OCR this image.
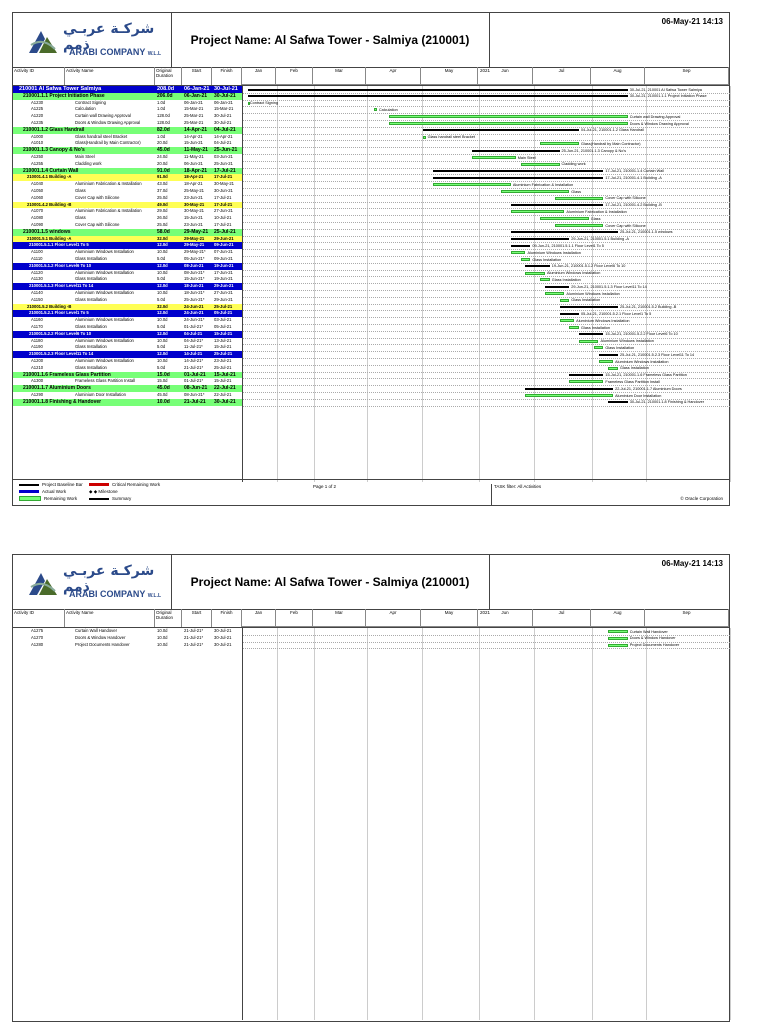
شركـة عربـي ذمم
ARABI COMPANY W.L.L
Project Name: Al Safwa Tower - Salmiya (210001)
06-May-21 14:13
Activity ID	Activity Name	Original Duration
Start	Finish	2021
Jan	Feb	Mar	Apr	May	Jun	Jul	Aug	Sep
30-Jul-21, 210001 Al Safwa Tower Salmiya
30-Jul-21, 210001.1.1 Project Initiation Phase
Contract Signing
Calculation
Curtain wall Drawing Approval
Doors & Window Drawing Approval
04-Jul-21, 210001.1.2 Glass Handrail
Glass handrail steel Bracket
Glass(Handrail by Main Contractor)
25-Jun-21, 210001.1.3 Canopy & No's
Main Steel
Cladding work
17-Jul-21, 210001.1.4 Curtain Wall
17-Jul-21, 210001.4.1 Building -A
Aluminium Fabrication & Installation
Glass
Cover Cap with Silicone
17-Jul-21, 210001.4.2 Building -B
Aluminium Fabrication & Installation
Glass
Cover Cap with Silicone
25-Jul-21, 210001.1.5 windows
29-Jun-21, 210001.5.1 Building -A
09-Jun-21, 210001.5.1.1 Floor Level1 To 5
Aluminium Windows Installation
Glass Installation
19-Jun-21, 210001.5.1.2 Floor Level6 To 10
Aluminium Windows Installation
Glass Installation
29-Jun-21, 210001.5.1.3 Floor Level11 To 14
Aluminium Windows Installation
Glass Installation
25-Jul-21, 210001.5.2 Building -B
05-Jul-21, 210001.5.2.1 Floor Level1 To 5
Aluminium Windows Installation
Glass Installation
15-Jul-21, 210001.5.2.2 Floor Level6 To 10
Aluminium Windows Installation
Glass Installation
25-Jul-21, 210001.5.2.3 Floor Level11 To 14
Aluminium Windows Installation
Glass Installation
15-Jul-21, 210001.1.6 Frameless Glass Partition
Frameless Glass Partition Install
22-Jul-21, 210001.1.7 Aluminium Doors
Aluminium Door Installation
30-Jul-21, 210001.1.8 Finishing & Handover
210001 Al Safwa Tower Salmiya	208.0d 06-Jan-21 30-Jul-21
210001.1.1 Project Initiation Phase	206.0d 06-Jan-21 30-Jul-21
A1230	Contract Signing	1.0d	06-Jan-21	06-Jan-21
A1225	Calculation	1.0d	15-Mar-21	15-Mar-21
A1220	Curtain wall Drawing Approval	128.0d	25-Mar-21	30-Jul-21
A1235	Doors & Window Drawing Approval	128.0d	25-Mar-21	30-Jul-21
210001.1.2 Glass Handrail	82.0d	14-Apr-21 04-Jul-21
A1000	Glass handrail steel Bracket	1.0d	14-Apr-21	14-Apr-21
A1010	Glass(Handrail by Main Contractor)	20.0d	15-Jun-21	04-Jul-21
210001.1.3 Canopy & No's	45.0d	11-May-21 25-Jun-21
A1250	Main Steel	24.0d	11-May-21 03-Jun-21
A1255	Cladding work	20.0d	06-Jun-21	25-Jun-21
210001.1.4 Curtain Wall	91.0d	18-Apr-21 17-Jul-21
210001.4.1 Building -A	91.0d	18-Apr-21	17-Jul-21
A1040	Aluminium Fabrication & Installation	43.0d	18-Apr-21	30-May-21
A1050	Glass	37.0d	25-May-21 30-Jun-21
A1060	Cover Cap with Silicone	25.0d	23-Jun-21	17-Jul-21
210001.4.2 Building -B	49.0d	30-May-21 17-Jul-21
A1070	Aluminium Fabrication & Installation	29.0d	30-May-21 27-Jun-21
A1080	Glass	26.0d	15-Jun-21	10-Jul-21
A1090	Cover Cap with Silicone	25.0d	23-Jun-21	17-Jul-21
210001.1.5 windows	58.0d	29-May-21 25-Jul-21
210001.5.1 Building -A	32.0d	29-May-21 29-Jun-21
210001.5.1.1 Floor Level1 To 5	12.0d	29-May-21 09-Jun-21
A1100	Aluminium Windows Installation	10.0d	29-May-21* 07-Jun-21
A1110	Glass Installation	5.0d	05-Jun-21* 09-Jun-21
210001.5.1.2 Floor Level6 To 10	12.0d	08-Jun-21 19-Jun-21
A1120	Aluminium Windows Installation	10.0d	08-Jun-21* 17-Jun-21
A1130	Glass Installation	5.0d	15-Jun-21* 19-Jun-21
210001.5.1.3 Floor Level11 To 14	12.0d	18-Jun-21 29-Jun-21
A1140	Aluminium Windows Installation	10.0d	18-Jun-21* 27-Jun-21
A1150	Glass Installation	5.0d	25-Jun-21* 29-Jun-21
210001.5.2 Building -B	32.0d	24-Jun-21 25-Jul-21
210001.5.2.1 Floor Level1 To 5	12.0d	24-Jun-21 05-Jul-21
A1160	Aluminium Windows Installation	10.0d	24-Jun-21* 03-Jul-21
A1170	Glass Installation	5.0d	01-Jul-21*	05-Jul-21
210001.5.2.2 Floor Level6 To 10	12.0d	04-Jul-21	15-Jul-21
A1180	Aluminium Windows Installation	10.0d	04-Jul-21*	13-Jul-21
A1190	Glass Installation	5.0d	11-Jul-21*	15-Jul-21
210001.5.2.3 Floor Level11 To 14	12.0d	14-Jul-21	25-Jul-21
A1200	Aluminium Windows Installation	10.0d	14-Jul-21*	23-Jul-21
A1210	Glass Installation	5.0d	21-Jul-21*	25-Jul-21
210001.1.6 Frameless Glass Partition	15.0d	01-Jul-21 15-Jul-21
A1300	Frameless Glass Partition Install	15.0d	01-Jul-21*	15-Jul-21
210001.1.7 Aluminium Doors	45.0d	08-Jun-21 22-Jul-21
A1290	Aluminium Door Installation	45.0d	08-Jun-21* 22-Jul-21
210001.1.8 Finishing & Handover	10.0d	21-Jul-21 30-Jul-21
Project Baseline Bar
Actual Work
Remaining Work
Critical Remaining Work
◆ ◆ Milestone
Summary
Page 1 of 2	TASK filter: All Activities
© Oracle Corporation
شركـة عربـي ذمم
ARABI COMPANY W.L.L
Project Name: Al Safwa Tower - Salmiya (210001)
06-May-21 14:13
Activity ID	Activity Name	Original Duration
Start	Finish	2021
Jan	Feb	Mar	Apr	May	Jun	Jul	Aug	Sep
Curtain Wall Handover
Doors & Window Handover
Project Documents Handover
A1275	Curtain Wall Handover	10.0d	21-Jul-21*	30-Jul-21
A1270	Doors & Window Handover	10.0d	21-Jul-21*	30-Jul-21
A1280	Project Documents Handover	10.0d	21-Jul-21*	30-Jul-21
